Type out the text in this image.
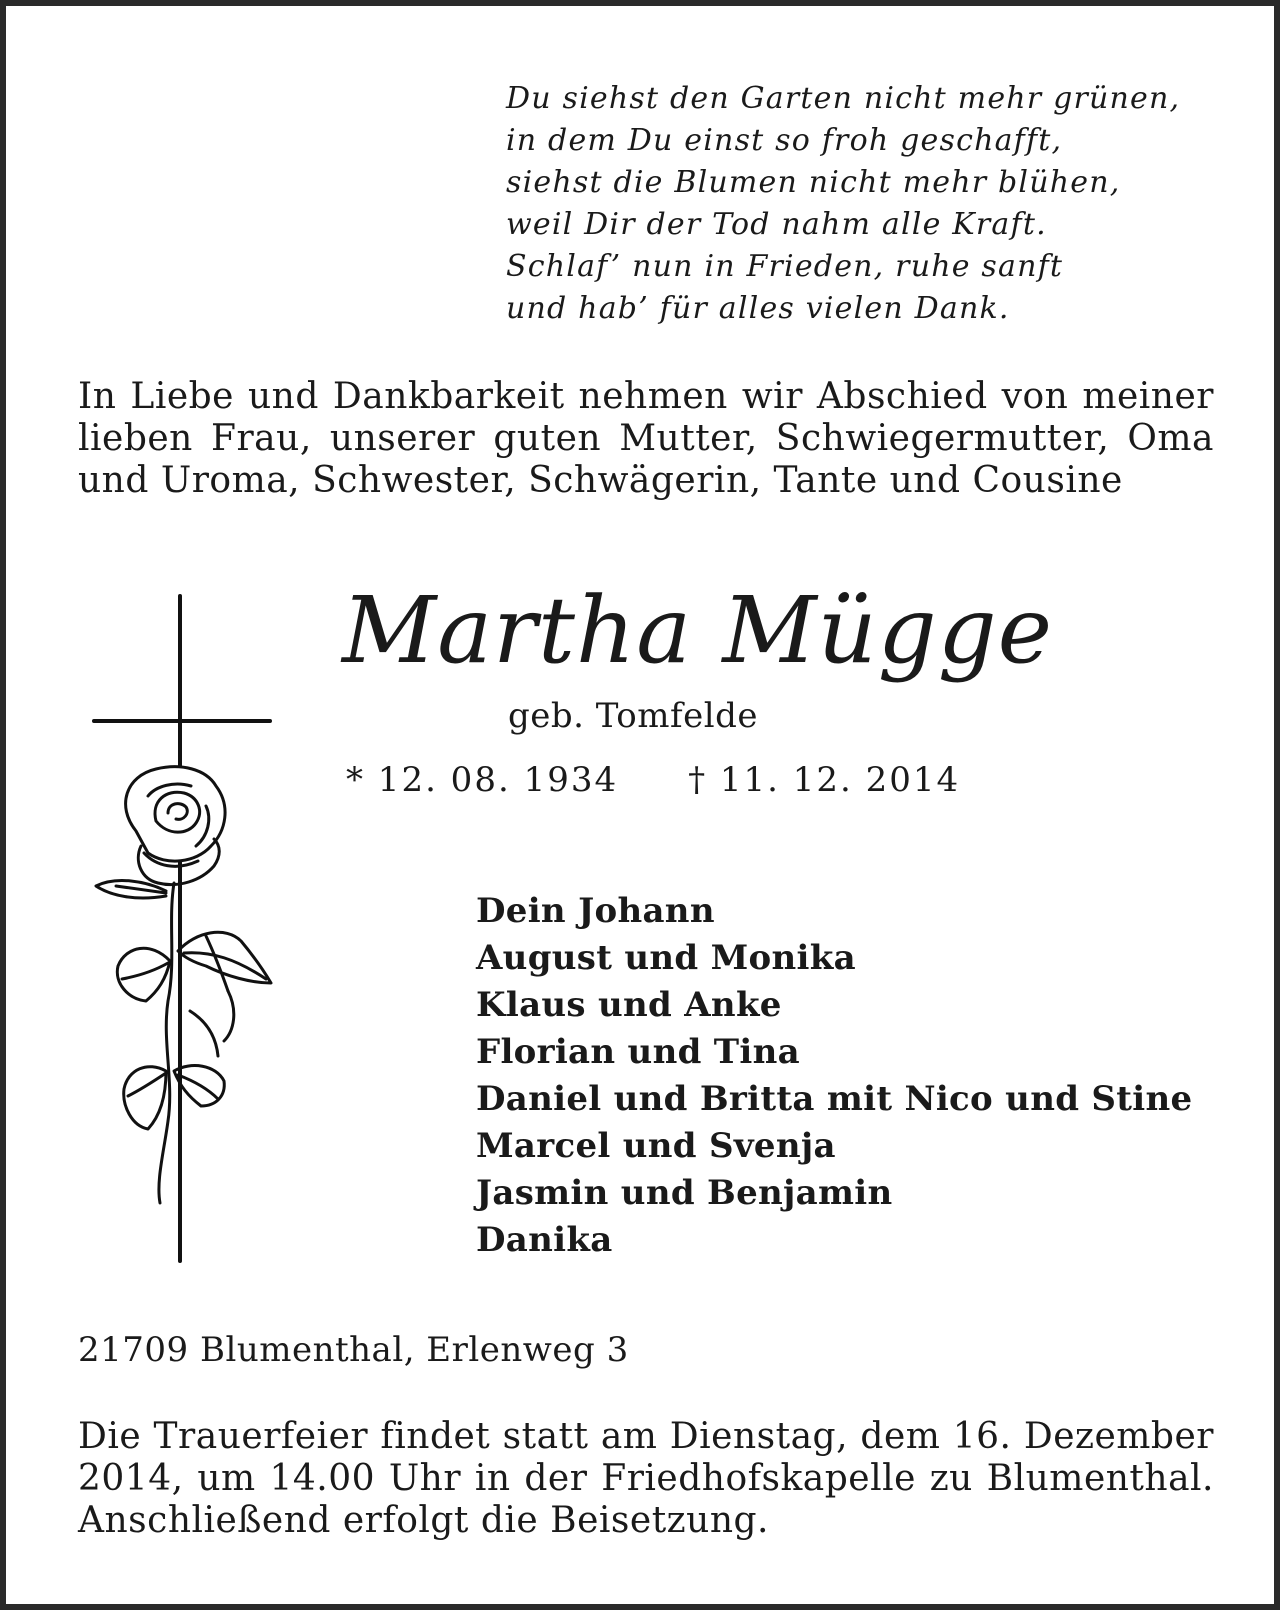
Du siehst den Garten nicht mehr grünen,
in dem Du einst so froh geschafft,
siehst die Blumen nicht mehr blühen,
weil Dir der Tod nahm alle Kraft.
Schlaf’ nun in Frieden, ruhe sanft
und hab’ für alles vielen Dank.
In Liebe und Dankbarkeit nehmen wir Abschied von meiner lieben Frau, unserer guten Mutter, Schwiegermutter, Oma und Uroma, Schwester, Schwägerin, Tante und Cousine
Martha Mügge
geb. Tomfelde
* 12. 08. 1934 † 11. 12. 2014
Dein Johann
August und Monika
Klaus und Anke
Florian und Tina
Daniel und Britta mit Nico und Stine
Marcel und Svenja
Jasmin und Benjamin
Danika
21709 Blumenthal, Erlenweg 3
Die Trauerfeier findet statt am Dienstag, dem 16. Dezember 2014, um 14.00 Uhr in der Friedhofskapelle zu Blumenthal. Anschließend erfolgt die Beisetzung.
